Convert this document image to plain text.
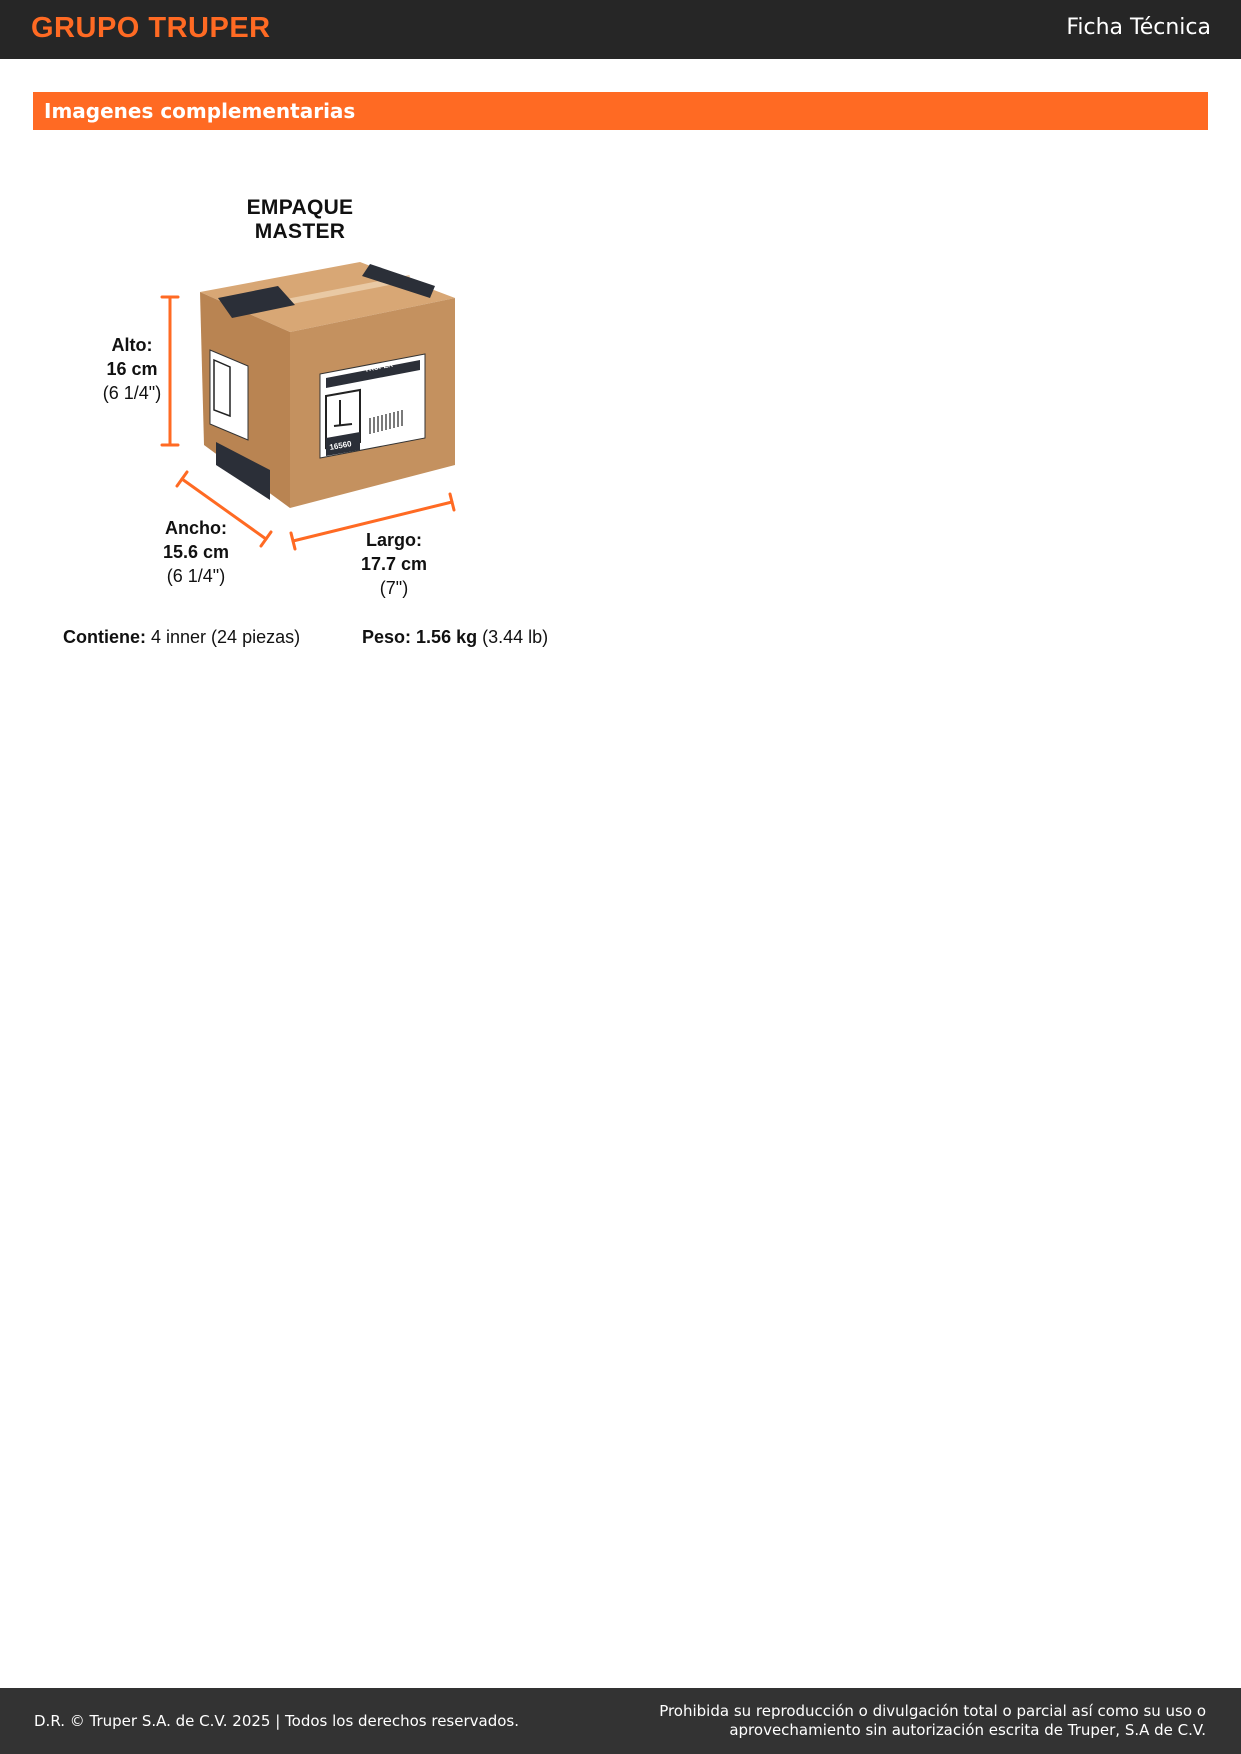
GRUPO TRUPER	Ficha Técnica
Imagenes complementarias
EMPAQUE MASTER
TRUPER
16560
Alto:
16 cm
(6 1/4")
Ancho:
15.6 cm
(6 1/4")
Largo:
17.7 cm
(7")
Contiene: 4 inner (24 piezas)	Peso: 1.56 kg (3.44 lb)
D.R. © Truper S.A. de C.V. 2025 | Todos los derechos reservados.
Prohibida su reproducción o divulgación total o parcial así como su uso o
aprovechamiento sin autorización escrita de Truper, S.A de C.V.
